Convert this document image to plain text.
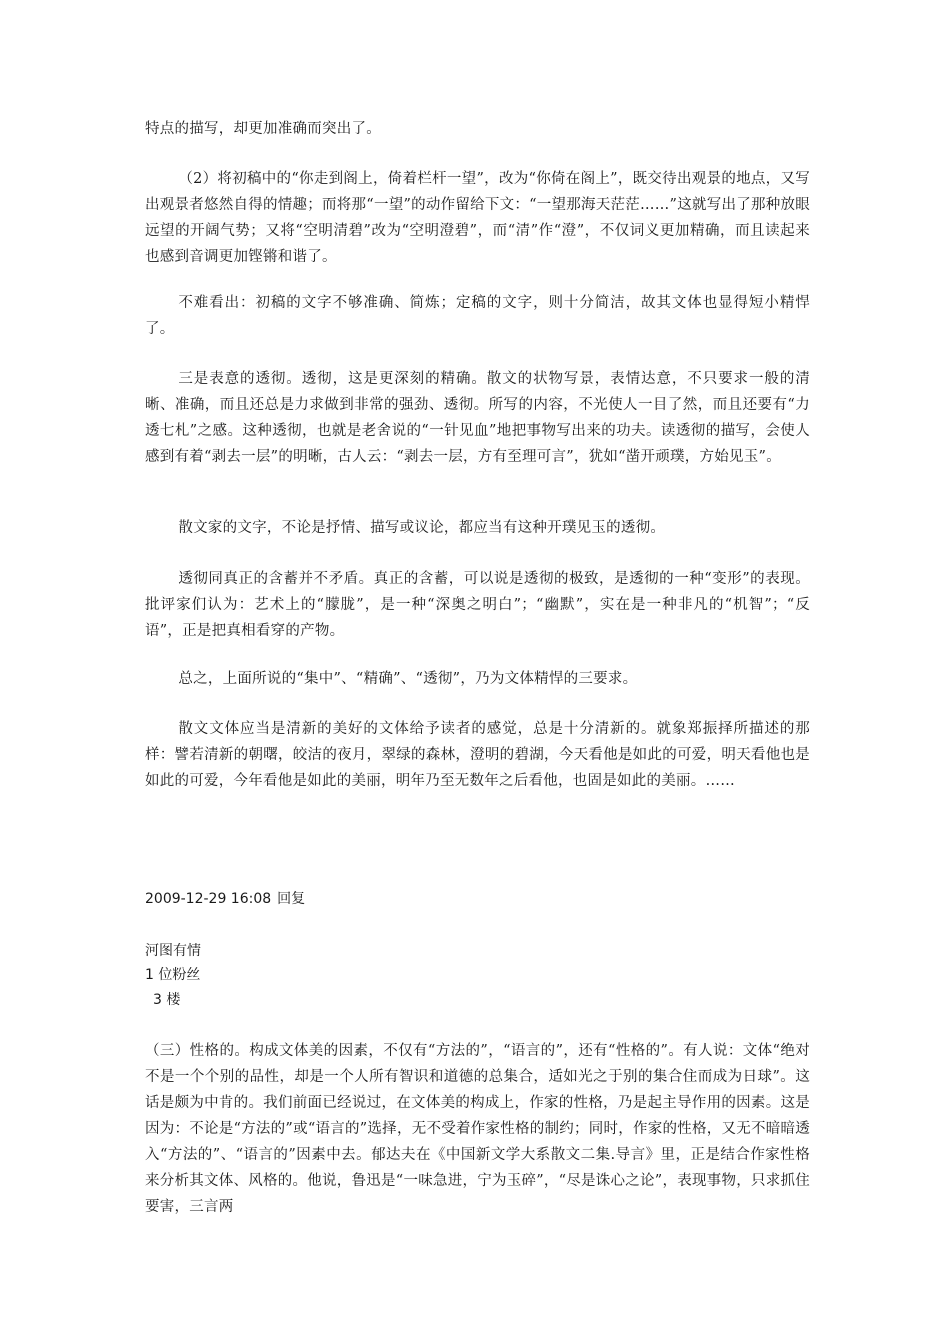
特点的描写，却更加准确而突出了。

（2）将初稿中的“你走到阁上，倚着栏杆一望”，改为“你倚在阁上”，既交待出观景的地点，又写出观景者悠然自得的情趣；而将那“一望”的动作留给下文：“一望那海天茫茫……”这就写出了那种放眼远望的开阔气势；又将“空明清碧”改为“空明澄碧”，而“清”作“澄”，不仅词义更加精确，而且读起来也感到音调更加铿锵和谐了。

不难看出：初稿的文字不够准确、简炼；定稿的文字，则十分简洁，故其文体也显得短小精悍了。

三是表意的透彻。透彻，这是更深刻的精确。散文的状物写景，表情达意，不只要求一般的清晰、准确，而且还总是力求做到非常的强劲、透彻。所写的内容，不光使人一目了然，而且还要有“力透七札”之感。这种透彻，也就是老舍说的“一针见血”地把事物写出来的功夫。读透彻的描写，会使人感到有着“剥去一层”的明晰，古人云：“剥去一层，方有至理可言”，犹如“凿开顽璞，方始见玉”。

散文家的文字，不论是抒情、描写或议论，都应当有这种开璞见玉的透彻。

透彻同真正的含蓄并不矛盾。真正的含蓄，可以说是透彻的极致，是透彻的一种“变形”的表现。批评家们认为：艺术上的“朦胧”，是一种“深奥之明白”；“幽默”，实在是一种非凡的“机智”；“反语”，正是把真相看穿的产物。

总之，上面所说的“集中”、“精确”、“透彻”，乃为文体精悍的三要求。

散文文体应当是清新的美好的文体给予读者的感觉，总是十分清新的。就象郑振择所描述的那样：譬若清新的朝曙，皎洁的夜月，翠绿的森林，澄明的碧湖，今天看他是如此的可爱，明天看他也是如此的可爱，今年看他是如此的美丽，明年乃至无数年之后看他，也固是如此的美丽。……

2009-12-29 16:08 回复
河图有情
1 位粉丝
3 楼

（三）性格的。构成文体美的因素，不仅有“方法的”，“语言的”，还有“性格的”。有人说：文体“绝对不是一个个别的品性，却是一个人所有智识和道德的总集合，适如光之于别的集合住而成为日球”。这话是颇为中肯的。我们前面已经说过，在文体美的构成上，作家的性格，乃是起主导作用的因素。这是因为：不论是“方法的”或“语言的”选择，无不受着作家性格的制约；同时，作家的性格，又无不暗暗透入“方法的”、“语言的”因素中去。郁达夫在《中国新文学大系散文二集.导言》里，正是结合作家性格来分析其文体、风格的。他说，鲁迅是“一味急进，宁为玉碎”，“尽是诛心之论”，表现事物，只求抓住要害，三言两
